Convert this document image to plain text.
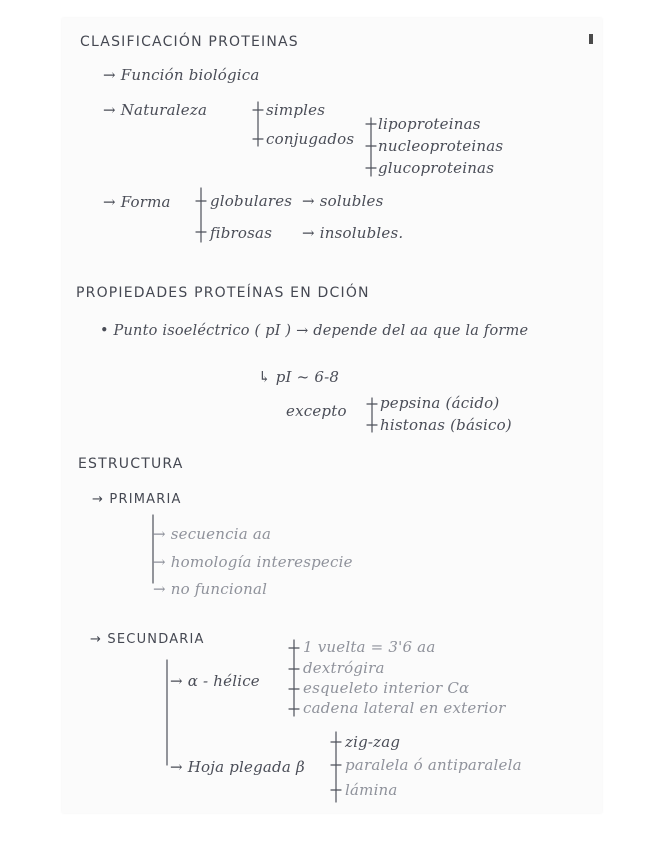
CLASIFICACIÓN PROTEINAS
→ Función biológica
→ Naturaleza	simples
conjugados
lipoproteinas
nucleoproteinas
glucoproteinas
→ Forma	globulares → solubles
fibrosas → insolubles.
PROPIEDADES PROTEÍNAS EN DCIÓN
• Punto isoeléctrico ( pI ) → depende del aa que la forme
↳ pI ~ 6-8
excepto pepsina (ácido)
histonas (básico)
ESTRUCTURA
→ PRIMARIA
→ secuencia aa
→ homología interespecie
→ no funcional
→ SECUNDARIA
→ α - hélice
1 vuelta = 3'6 aa
dextrógira
esqueleto interior Cα
cadena lateral en exterior
→ Hoja plegada β
zig-zag
paralela ó antiparalela
lámina
